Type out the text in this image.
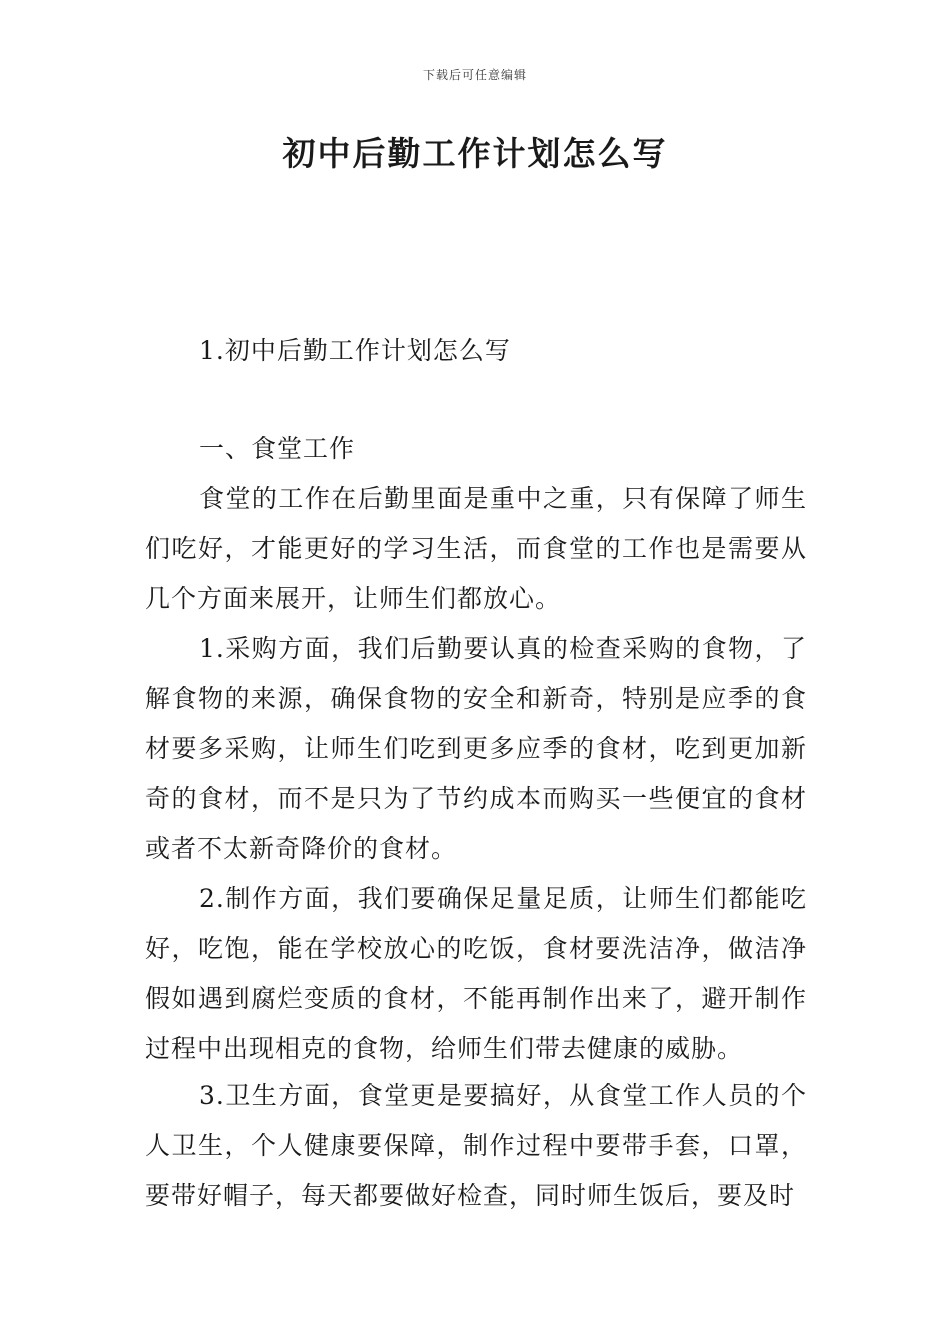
下载后可任意编辑
初中后勤工作计划怎么写

1.初中后勤工作计划怎么写

一、食堂工作

食堂的工作在后勤里面是重中之重，只有保障了师生们吃好，才能更好的学习生活，而食堂的工作也是需要从几个方面来展开，让师生们都放心。

1.采购方面，我们后勤要认真的检查采购的食物，了解食物的来源，确保食物的安全和新奇，特别是应季的食材要多采购，让师生们吃到更多应季的食材，吃到更加新奇的食材，而不是只为了节约成本而购买一些便宜的食材或者不太新奇降价的食材。

2.制作方面，我们要确保足量足质，让师生们都能吃好，吃饱，能在学校放心的吃饭，食材要洗洁净，做洁净假如遇到腐烂变质的食材，不能再制作出来了，避开制作过程中出现相克的食物，给师生们带去健康的威胁。

3.卫生方面，食堂更是要搞好，从食堂工作人员的个人卫生，个人健康要保障，制作过程中要带手套，口罩，要带好帽子，每天都要做好检查，同时师生饭后，要及时
